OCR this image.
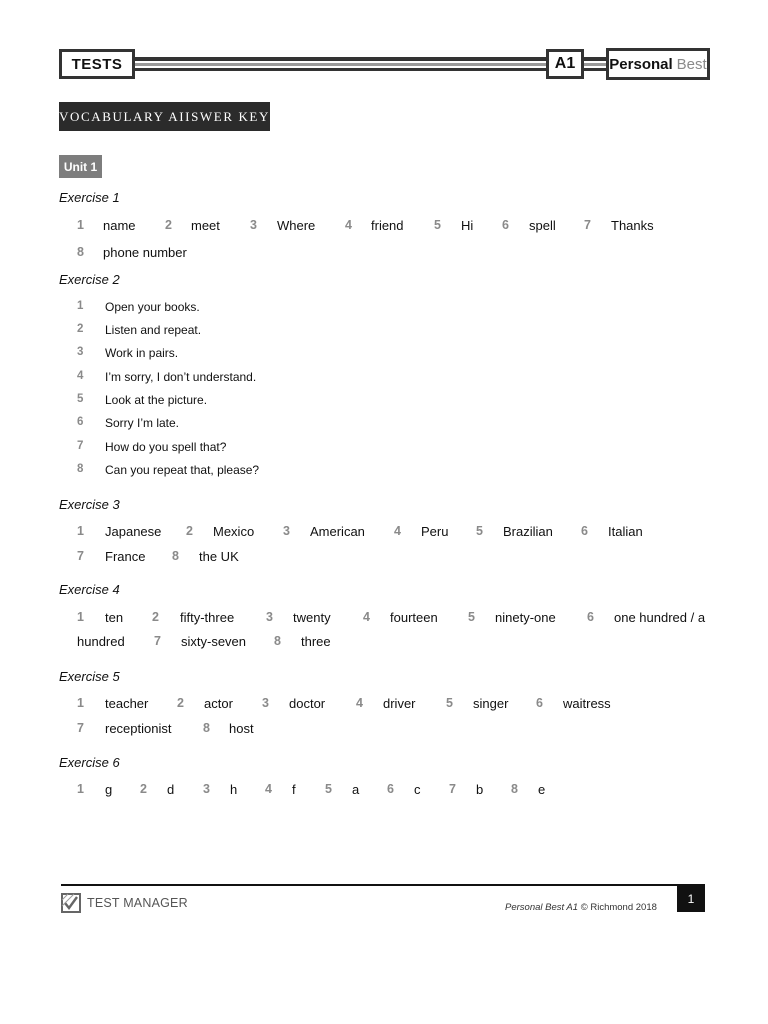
TESTS	A1	Personal Best
VOCABULARY AIISWER KEY
Unit 1
Exercise 1
1 name 2 meet 3 Where 4 friend 5 Hi 6 spell 7 Thanks
8 phone number
Exercise 2
1 Open your books.
2 Listen and repeat.
3 Work in pairs.
4 I’m sorry, I don’t understand.
5 Look at the picture.
6 Sorry I’m late.
7 How do you spell that?
8 Can you repeat that, please?
Exercise 3
1 Japanese 2 Mexico 3 American 4 Peru 5 Brazilian 6 Italian
7 France 8 the UK
Exercise 4
1 ten 2 fifty-three	3 twenty	4 fourteen 5 ninety-one	6 one hundred / a
hundred 7 sixty-seven 8 three
Exercise 5
1 teacher 2 actor 3 doctor 4 driver 5 singer 6 waitress
7 receptionist	8 host
Exercise 6
1 g 2 d 3 h 4 f 5 a 6 c 7 b 8 e
TEST MANAGER	Personal Best A1 © Richmond 2018
1
